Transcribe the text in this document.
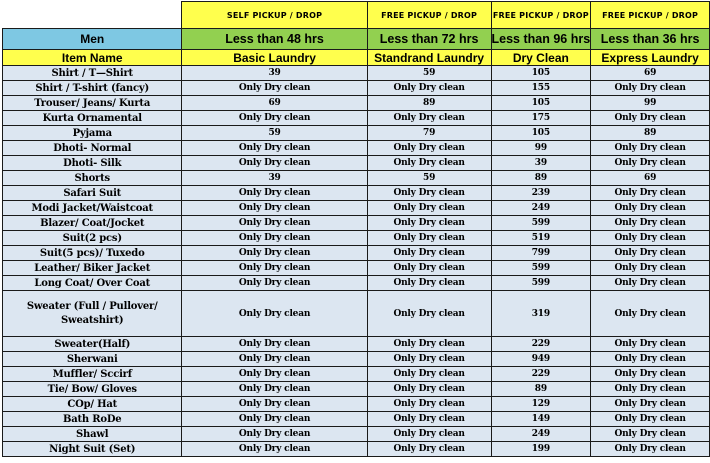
	SELF PICKUP / DROP	FREE PICKUP / DROP	FREE PICKUP / DROP	FREE PICKUP / DROP
Men	Less than 48 hrs	Less than 72 hrs	Less than 96 hrs	Less than 36 hrs
Item Name	Basic Laundry	Standrand Laundry	Dry Clean	Express Laundry
Shirt / T—Shirt	39	59	105	69
Shirt / T-shirt (fancy)	Only Dry clean	Only Dry clean	155	Only Dry clean
Trouser/ Jeans/ Kurta	69	89	105	99
Kurta Ornamental	Only Dry clean	Only Dry clean	175	Only Dry clean
Pyjama	59	79	105	89
Dhoti- Normal	Only Dry clean	Only Dry clean	99	Only Dry clean
Dhoti- Silk	Only Dry clean	Only Dry clean	39	Only Dry clean
Shorts	39	59	89	69
Safari Suit	Only Dry clean	Only Dry clean	239	Only Dry clean
Modi Jacket/Waistcoat	Only Dry clean	Only Dry clean	249	Only Dry clean
Blazer/ Coat/Jocket	Only Dry clean	Only Dry clean	599	Only Dry clean
Suit(2 pcs)	Only Dry clean	Only Dry clean	519	Only Dry clean
Suit(5 pcs)/ Tuxedo	Only Dry clean	Only Dry clean	799	Only Dry clean
Leather/ Biker Jacket	Only Dry clean	Only Dry clean	599	Only Dry clean
Long Coat/ Over Coat	Only Dry clean	Only Dry clean	599	Only Dry clean

Sweater (Full / Pullover/ Sweatshirt)	Only Dry clean	Only Dry clean	319	Only Dry clean
Sweater(Half)	Only Dry clean	Only Dry clean	229	Only Dry clean
Sherwani	Only Dry clean	Only Dry clean	949	Only Dry clean
Muffler/ Sccirf	Only Dry clean	Only Dry clean	229	Only Dry clean
Tie/ Bow/ Gloves	Only Dry clean	Only Dry clean	89	Only Dry clean
COp/ Hat	Only Dry clean	Only Dry clean	129	Only Dry clean
Bath RoDe	Only Dry clean	Only Dry clean	149	Only Dry clean
Shawl	Only Dry clean	Only Dry clean	249	Only Dry clean
Night Suit (Set)	Only Dry clean	Only Dry clean	199	Only Dry clean
